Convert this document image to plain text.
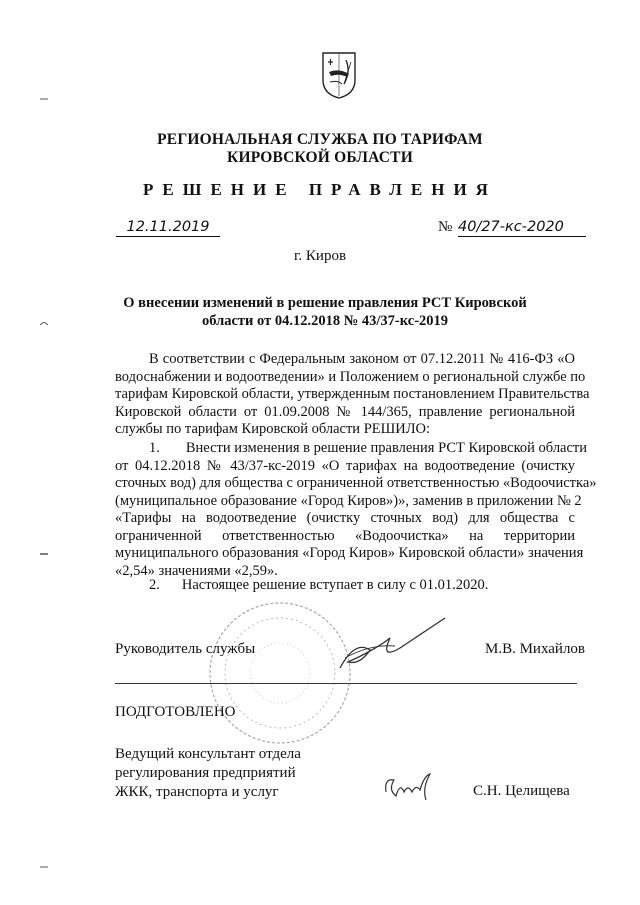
РЕГИОНАЛЬНАЯ СЛУЖБА ПО ТАРИФАМ
КИРОВСКОЙ ОБЛАСТИ
РЕШЕНИЕ ПРАВЛЕНИЯ
12.11.2019	№ 40/27-кс-2020
г. Киров
О внесении изменений в решение правления РСТ Кировской
области от 04.12.2018 № 43/37-кс-2019
В соответствии с Федеральным законом от 07.12.2011 № 416-ФЗ «О
водоснабжении и водоотведении» и Положением о региональной службе по
тарифам Кировской области, утвержденным постановлением Правительства
Кировской области от 01.09.2008 № 144/365, правление региональной
службы по тарифам Кировской области РЕШИЛО:
1. Внести изменения в решение правления РСТ Кировской области
от 04.12.2018 № 43/37-кс-2019 «О тарифах на водоотведение (очистку
сточных вод) для общества с ограниченной ответственностью «Водоочистка»
(муниципальное образование «Город Киров»)», заменив в приложении № 2
«Тарифы на водоотведение (очистку сточных вод) для общества с
ограниченной ответственностью «Водоочистка» на территории
муниципального образования «Город Киров» Кировской области» значения
«2,54» значениями «2,59».
2. Настоящее решение вступает в силу с 01.01.2020.
Руководитель службы	М.В. Михайлов
ПОДГОТОВЛЕНО
Ведущий консультант отдела
регулирования предприятий
ЖКК, транспорта и услуг	С.Н. Целищева
